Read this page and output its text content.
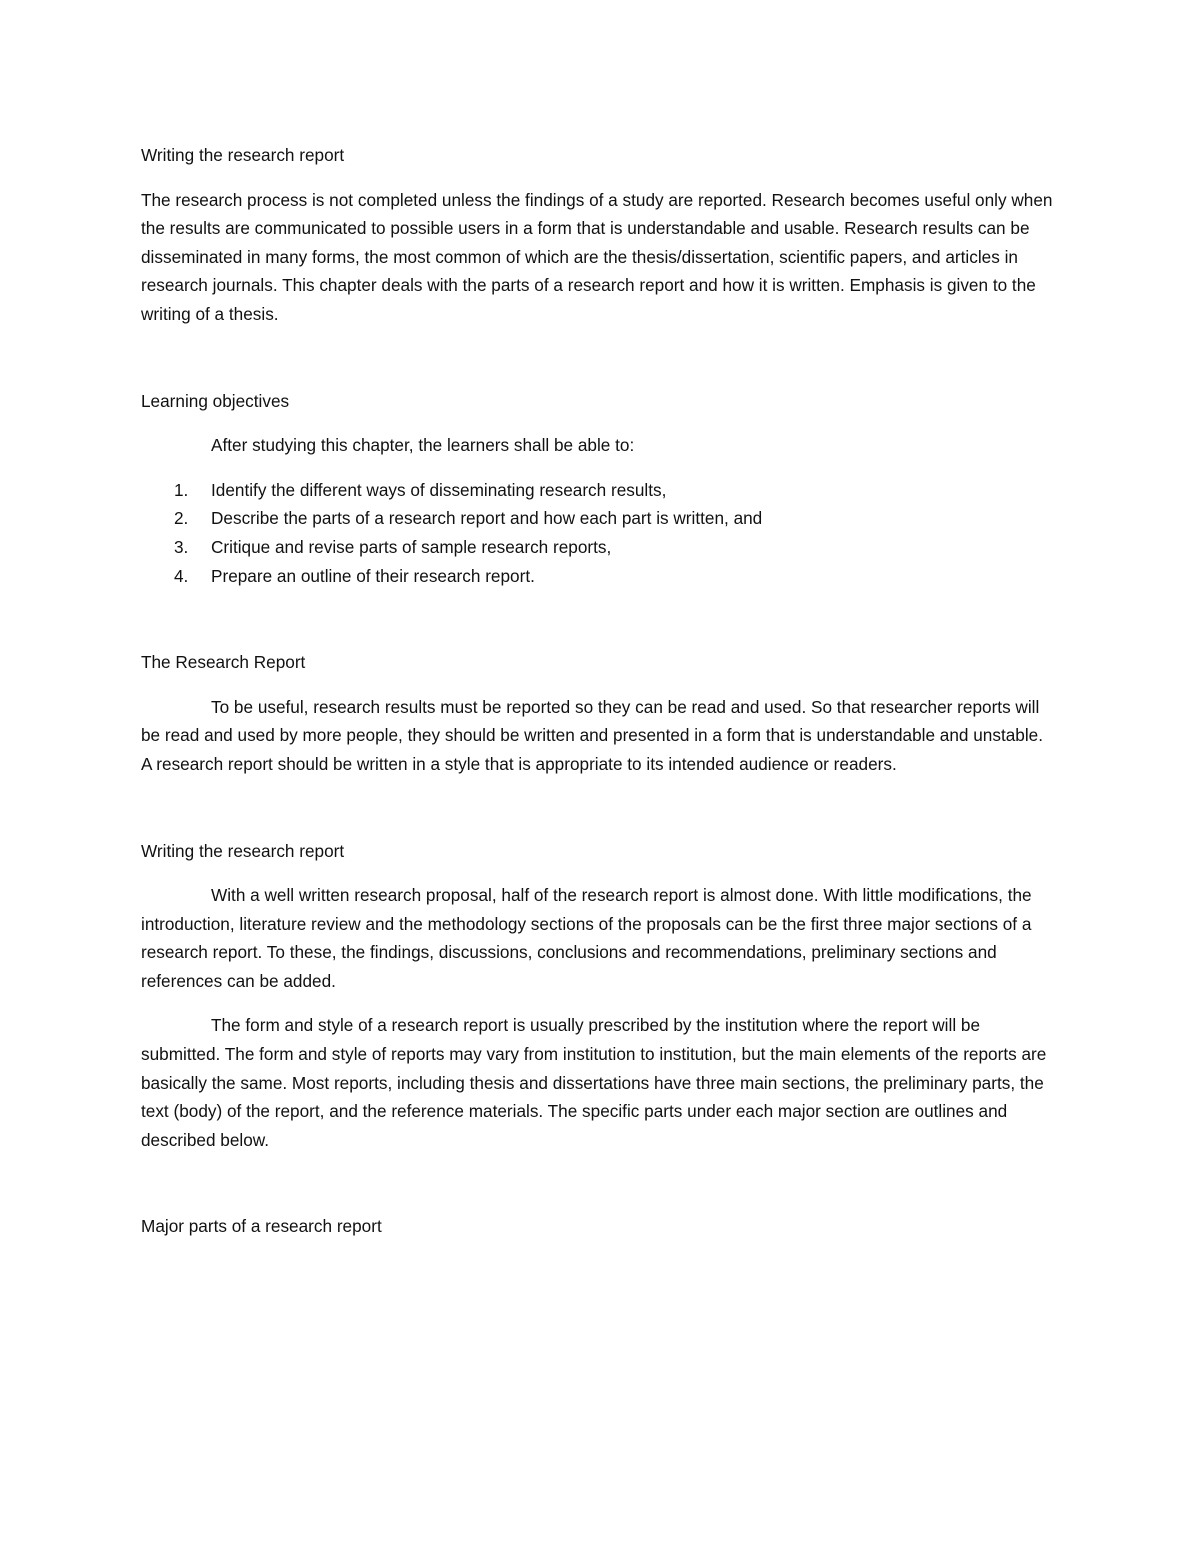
Writing the research report

The research process is not completed unless the findings of a study are reported. Research becomes useful only when the results are communicated to possible users in a form that is understandable and usable. Research results can be disseminated in many forms, the most common of which are the thesis/dissertation, scientific papers, and articles in research journals. This chapter deals with the parts of a research report and how it is written. Emphasis is given to the writing of a thesis.

Learning objectives

After studying this chapter, the learners shall be able to:

1. Identify the different ways of disseminating research results,
2. Describe the parts of a research report and how each part is written, and
3. Critique and revise parts of sample research reports,
4. Prepare an outline of their research report.
The Research Report

To be useful, research results must be reported so they can be read and used. So that researcher reports will be read and used by more people, they should be written and presented in a form that is understandable and unstable. A research report should be written in a style that is appropriate to its intended audience or readers.

Writing the research report

With a well written research proposal, half of the research report is almost done. With little modifications, the introduction, literature review and the methodology sections of the proposals can be the first three major sections of a research report. To these, the findings, discussions, conclusions and recommendations, preliminary sections and references can be added.

The form and style of a research report is usually prescribed by the institution where the report will be submitted. The form and style of reports may vary from institution to institution, but the main elements of the reports are basically the same. Most reports, including thesis and dissertations have three main sections, the preliminary parts, the text (body) of the report, and the reference materials. The specific parts under each major section are outlines and described below.

Major parts of a research report
